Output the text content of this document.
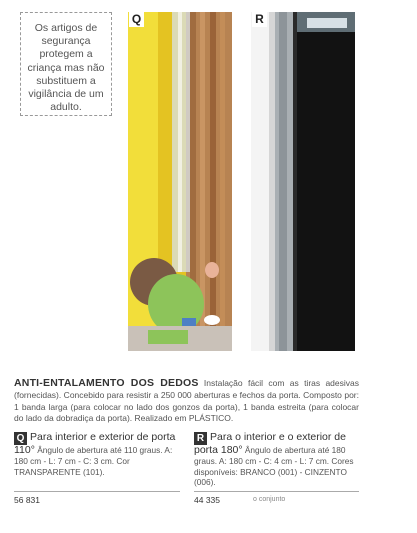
Os artigos de segurança protegem a criança mas não substituem a vigilância de um adulto.
Q	R
ANTI-ENTALAMENTO DOS DEDOS Instalação fácil com as tiras adesivas (fornecidas). Concebido para resistir a 250 000 aberturas e fechos da porta. Composto por: 1 banda larga (para colocar no lado dos gonzos da porta), 1 banda estreita (para colocar do lado da dobradiça da porta). Realizado em PLÁSTICO.
Q Para interior e exterior de porta 110° Ângulo de abertura até 110 graus. A: 180 cm - L: 7 cm - C: 3 cm. Cor TRANSPARENTE (101).
56 831
R Para o interior e o exterior de porta 180° Ângulo de abertura até 180 graus. A: 180 cm - C: 4 cm - L: 7 cm. Cores disponíveis: BRANCO (001) - CINZENTO (006).
44 335	o conjunto
